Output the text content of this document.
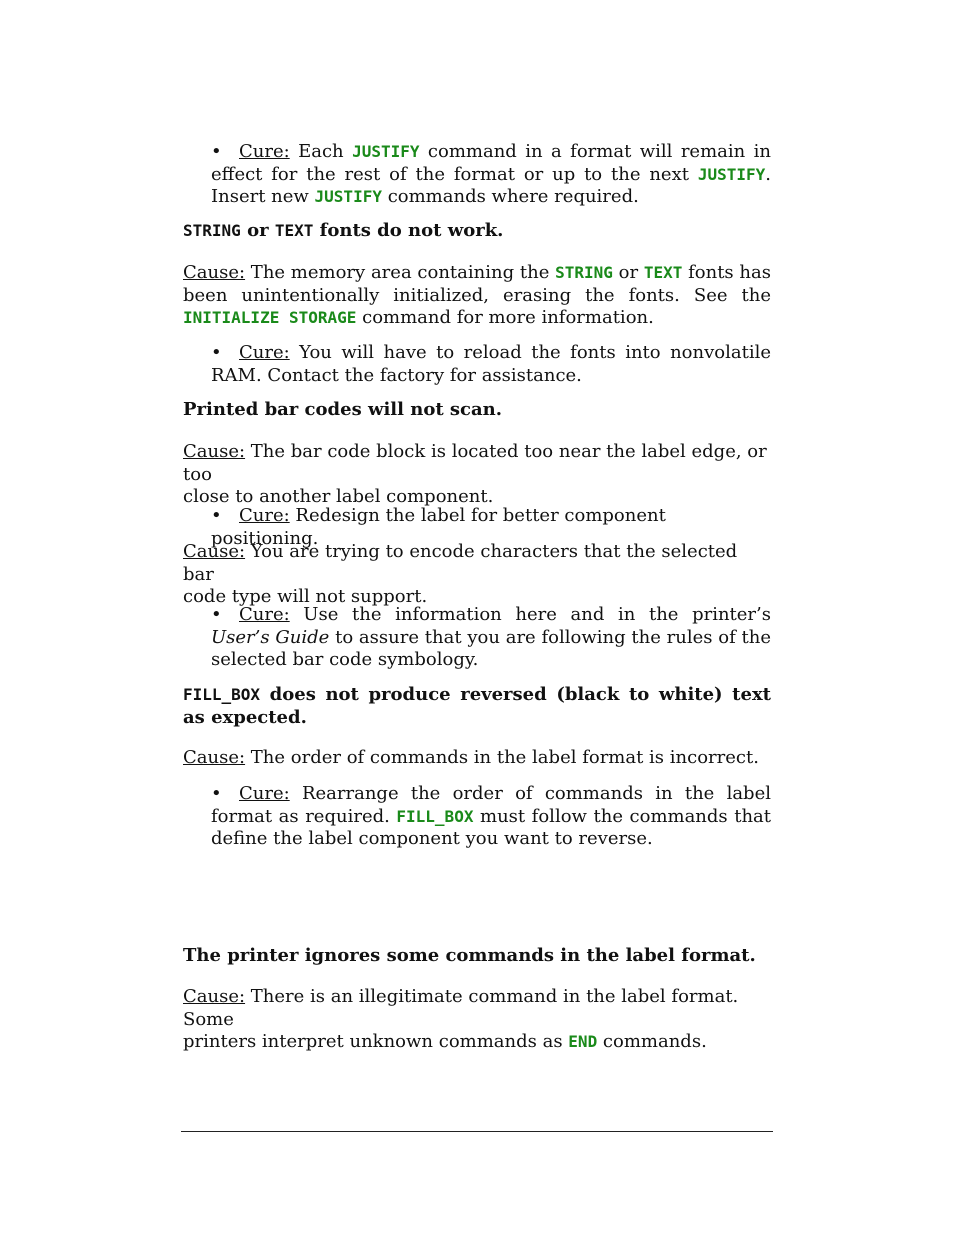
• Cure: Each JUSTIFY command in a format will remain in effect for the rest of the format or up to the next JUSTIFY. Insert new JUSTIFY commands where required.
STRING or TEXT fonts do not work.
Cause: The memory area containing the STRING or TEXT fonts has been unintentionally initialized, erasing the fonts. See the INITIALIZE STORAGE command for more information.
• Cure: You will have to reload the fonts into nonvolatile RAM. Contact the factory for assistance.
Printed bar codes will not scan.
Cause: The bar code block is located too near the label edge, or too
close to another label component.
• Cure: Redesign the label for better component positioning.
Cause: You are trying to encode characters that the selected bar
code type will not support.
• Cure: Use the information here and in the printer’s User’s Guide to assure that you are following the rules of the selected bar code symbology.
FILL_BOX does not produce reversed (black to white) text as expected.
Cause: The order of commands in the label format is incorrect.
• Cure: Rearrange the order of commands in the label format as required. FILL_BOX must follow the commands that define the label component you want to reverse.
The printer ignores some commands in the label format.
Cause: There is an illegitimate command in the label format. Some
printers interpret unknown commands as END commands.
